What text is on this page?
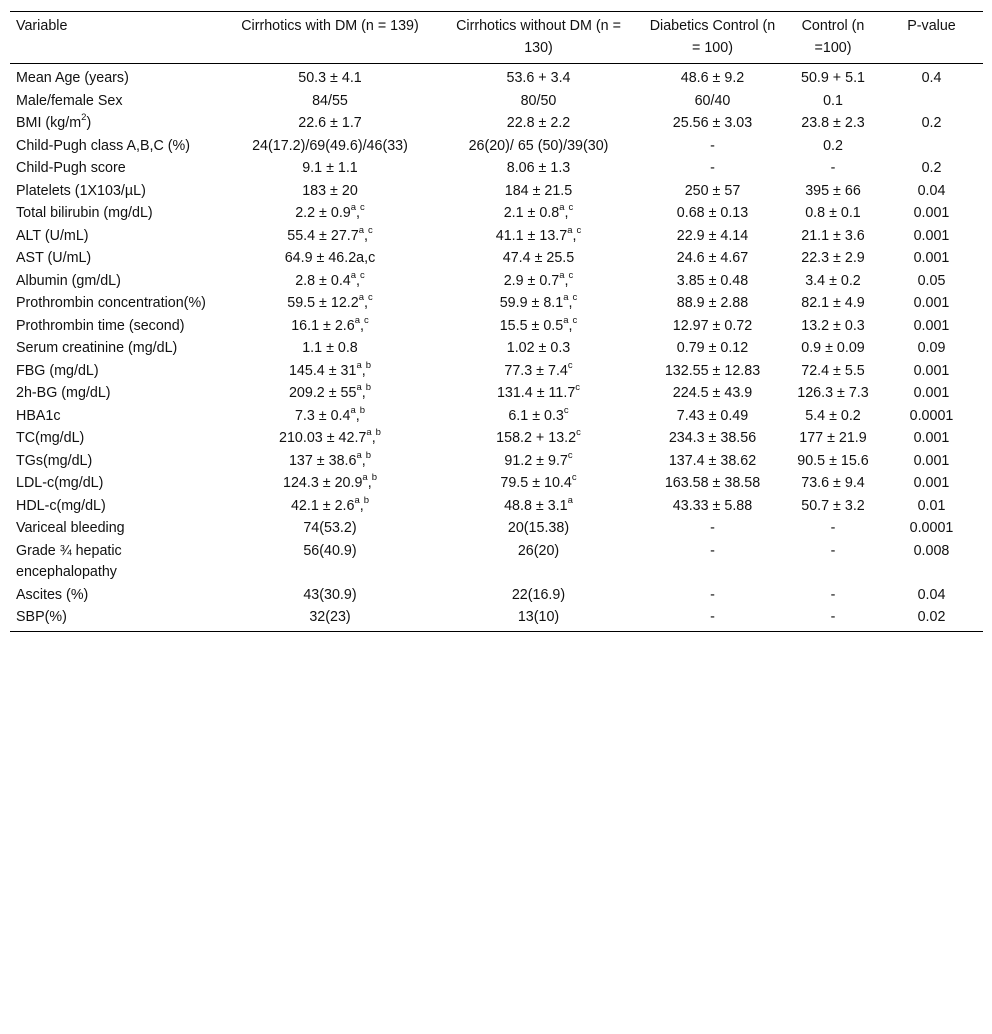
Variable	Cirrhotics with DM (n = 139)	Cirrhotics without DM (n = 130)	Diabetics Control (n = 100)	Control (n =100)	P-value
Mean Age (years)	50.3 ± 4.1	53.6 + 3.4	48.6 ± 9.2	50.9 + 5.1	0.4
Male/female Sex	84/55	80/50	60/40	0.1	
BMI $(kg/m^2)$	22.6 ± 1.7	22.8 ± 2.2	25.56 ± 3.03	23.8 ± 2.3	0.2
Child-Pugh class A,B,C (%)	24(17.2)/69(49.6)/46(33)	26(20)/ 65 (50)/39(30)	-	0.2	
Child-Pugh score	9.1 ± 1.1	8.06 ± 1.3	-	-	0.2
Platelets (1X103/µL)	183 ± 20	184 ± 21.5	250 ± 57	395 ± 66	0.04
Total bilirubin (mg/dL)	2.2 ± 0.9$^a$,$^c$	2.1 ± 0.8$^a$,$^c$	0.68 ± 0.13	0.8 ± 0.1	0.001
ALT (U/mL)	55.4 ± 27.7$^a$,$^c$	41.1 ± 13.7$^a$,$^c$	22.9 ± 4.14	21.1 ± 3.6	0.001
AST (U/mL)	64.9 ± 46.2a,c	47.4 ± 25.5	24.6 ± 4.67	22.3 ± 2.9	0.001
Albumin (gm/dL)	2.8 ± 0.4$^a$,$^c$	2.9 ± 0.7$^a$,$^c$	3.85 ± 0.48	3.4 ± 0.2	0.05
Prothrombin concentration(%)	59.5 ± 12.2$^a$,$^c$	59.9 ± 8.1$^a$,$^c$	88.9 ± 2.88	82.1 ± 4.9	0.001
Prothrombin time (second)	16.1 ± 2.6$^a$,$^c$	15.5 ± 0.5$^a$,$^c$	12.97 ± 0.72	13.2 ± 0.3	0.001
Serum creatinine (mg/dL)	1.1 ± 0.8	1.02 ± 0.3	0.79 ± 0.12	0.9 ± 0.09	0.09
FBG (mg/dL)	$145.4 \pm 31^a,^b$	77.3 ± 7.4$^c$	132.55 ± 12.83	72.4 ± 5.5	0.001
2h-BG (mg/dL)	$209.2 \pm 55^a,^b$	131.4 ± 11.7$^c$	224.5 ± 43.9	126.3 ± 7.3	0.001
HBA1c	7.3 ± 0.4$^a$,$^b$	6.1 ± 0.3$^c$	7.43 ± 0.49	5.4 ± 0.2	0.0001
TC(mg/dL)	210.03 ± 42.7$^a$,$^b$	158.2 + 13.2$^c$	234.3 ± 38.56	177 ± 21.9	0.001
TGs(mg/dL)	137 ± 38.6$^a$,$^b$	91.2 ± 9.7$^c$	137.4 ± 38.62	90.5 ± 15.6	0.001
LDL-c(mg/dL)	124.3 ± 20.9$^a$,$^b$	79.5 ± 10.4$^c$	163.58 ± 38.58	73.6 ± 9.4	0.001
HDL-c(mg/dL)	42.1 ± 2.6$^a$,$^b$	48.8 ± 3.1$^a$	43.33 ± 5.88	50.7 ± 3.2	0.01
Variceal bleeding	74(53.2)	20(15.38)	-	-	0.0001
Grade ¾ hepatic encephalopathy	56(40.9)	26(20)	-	-	0.008
Ascites (%)	43(30.9)	22(16.9)	-	-	0.04
SBP(%)	32(23)	13(10)	-	-	0.02
